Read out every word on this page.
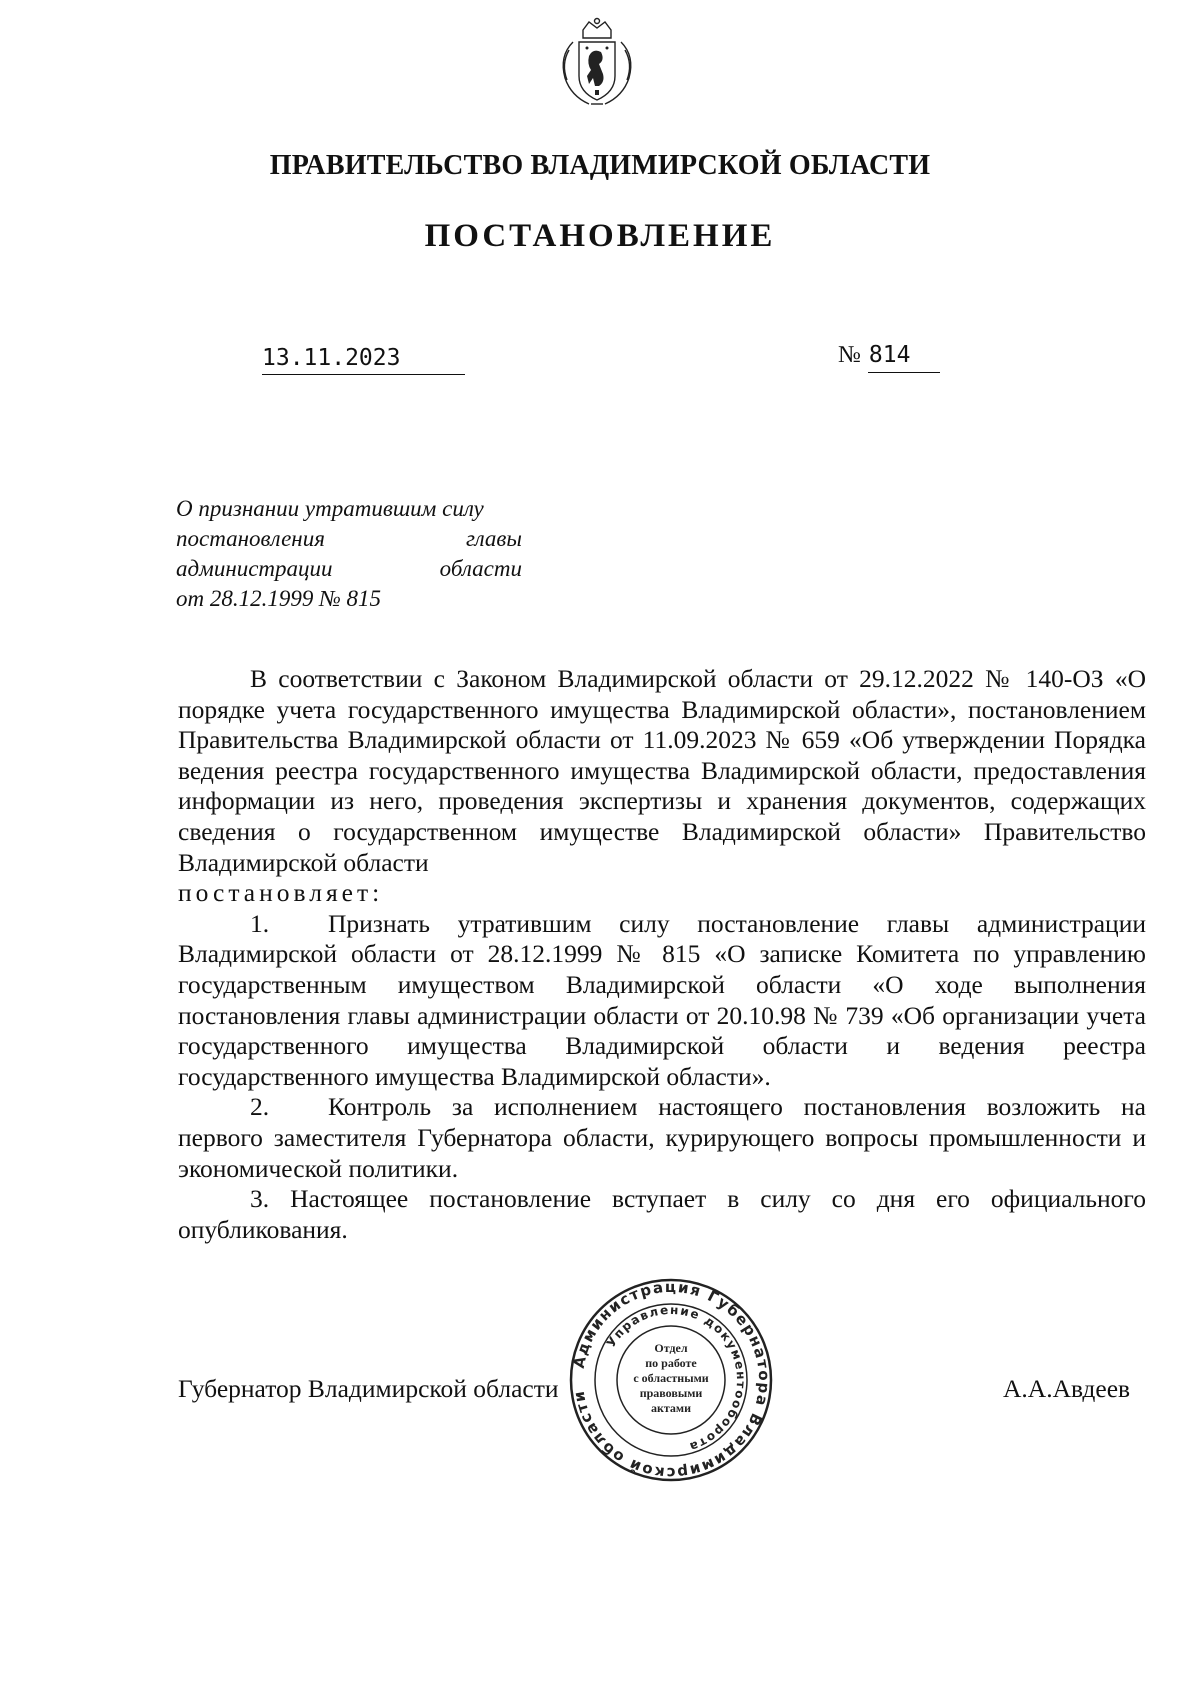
ПРАВИТЕЛЬСТВО ВЛАДИМИРСКОЙ ОБЛАСТИ
ПОСТАНОВЛЕНИЕ
13.11.2023	№ 814
О признании утратившим силу
постановления	главы
администрации	области
от 28.12.1999 № 815

В соответствии с Законом Владимирской области от 29.12.2022 № 140-ОЗ «О порядке учета государственного имущества Владимирской области», постановлением Правительства Владимирской области от 11.09.2023 № 659 «Об утверждении Порядка ведения реестра государственного имущества Владимирской области, предоставления информации из него, проведения экспертизы и хранения документов, содержащих сведения о государственном имуществе Владимирской области» Правительство Владимирской области

постановляет:

1. Признать утратившим силу постановление главы администрации Владимирской области от 28.12.1999 № 815 «О записке Комитета по управлению государственным имуществом Владимирской области «О ходе выполнения постановления главы администрации области от 20.10.98 № 739 «Об организации учета государственного имущества Владимирской области и ведения реестра государственного имущества Владимирской области».

2. Контроль за исполнением настоящего постановления возложить на первого заместителя Губернатора области, курирующего вопросы промышленности и экономической политики.

3. Настоящее постановление вступает в силу со дня его официального опубликования.

Губернатор Владимирской области	А.А.Авдеев
Администрация Губернатора Владимирской области
Управление документооборота
Отдел
по работе
с областными
правовыми
актами
